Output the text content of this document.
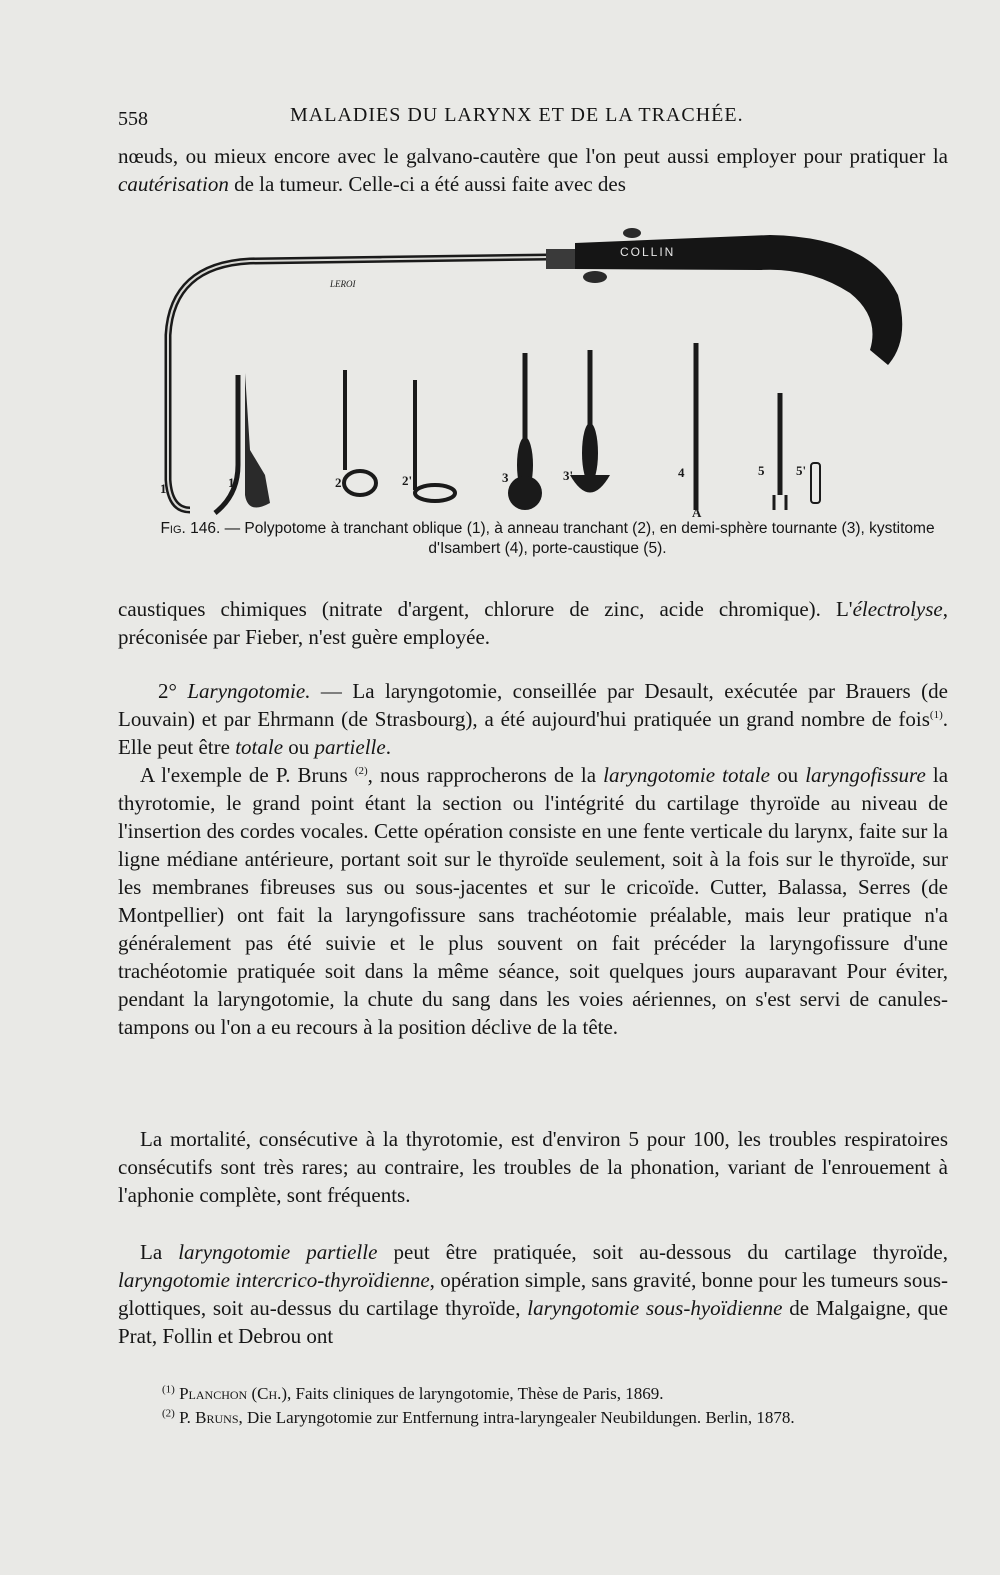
558	MALADIES DU LARYNX ET DE LA TRACHÉE.

nœuds, ou mieux encore avec le galvano-cautère que l'on peut aussi employer pour pratiquer la cautérisation de la tumeur. Celle-ci a été aussi faite avec des

COLLIN
LEROI
1	1'	2	2'	3	3'	4
A
5 5'
Fig. 146. — Polypotome à tranchant oblique (1), à anneau tranchant (2), en demi-sphère tournante (3), kystitome d'Isambert (4), porte-caustique (5).

caustiques chimiques (nitrate d'argent, chlorure de zinc, acide chromique). L'électrolyse, préconisée par Fieber, n'est guère employée.

2° Laryngotomie. — La laryngotomie, conseillée par Desault, exécutée par Brauers (de Louvain) et par Ehrmann (de Strasbourg), a été aujourd'hui pratiquée un grand nombre de fois$^{(1)}$. Elle peut être totale ou partielle.

A l'exemple de P. Bruns $^{(2)}$, nous rapprocherons de la laryngotomie totale ou laryngofissure la thyrotomie, le grand point étant la section ou l'intégrité du cartilage thyroïde au niveau de l'insertion des cordes vocales. Cette opération consiste en une fente verticale du larynx, faite sur la ligne médiane antérieure, portant soit sur le thyroïde seulement, soit à la fois sur le thyroïde, sur les membranes fibreuses sus ou sous-jacentes et sur le cricoïde. Cutter, Balassa, Serres (de Montpellier) ont fait la laryngofissure sans trachéotomie préalable, mais leur pratique n'a généralement pas été suivie et le plus souvent on fait précéder la laryngofissure d'une trachéotomie pratiquée soit dans la même séance, soit quelques jours auparavant Pour éviter, pendant la laryngotomie, la chute du sang dans les voies aériennes, on s'est servi de canules-tampons ou l'on a eu recours à la position déclive de la tête.

La mortalité, consécutive à la thyrotomie, est d'environ 5 pour 100, les troubles respiratoires consécutifs sont très rares; au contraire, les troubles de la phonation, variant de l'enrouement à l'aphonie complète, sont fréquents.

La laryngotomie partielle peut être pratiquée, soit au-dessous du cartilage thyroïde, laryngotomie intercrico-thyroïdienne, opération simple, sans gravité, bonne pour les tumeurs sous-glottiques, soit au-dessus du cartilage thyroïde, laryngotomie sous-hyoïdienne de Malgaigne, que Prat, Follin et Debrou ont

$^{(1)}$ Planchon (Ch.), Faits cliniques de laryngotomie, Thèse de Paris, 1869.

$^{(2)}$ P. Bruns, Die Laryngotomie zur Entfernung intra-laryngealer Neubildungen. Berlin, 1878.
